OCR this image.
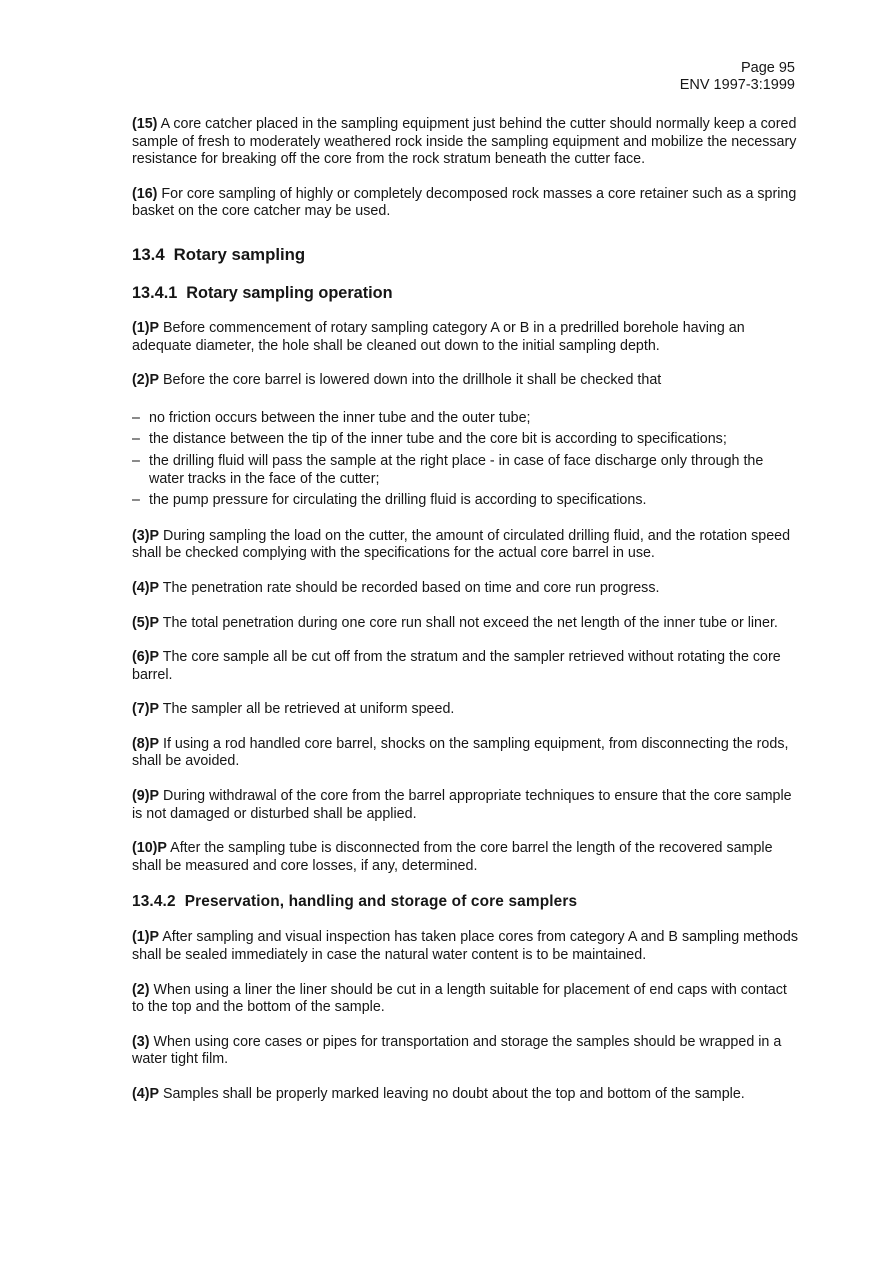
Page 95
ENV 1997-3:1999

(15) A core catcher placed in the sampling equipment just behind the cutter should normally keep a cored sample of fresh to moderately weathered rock inside the sampling equipment and mobilize the necessary resistance for breaking off the core from the rock stratum beneath the cutter face.

(16) For core sampling of highly or completely decomposed rock masses a core retainer such as a spring basket on the core catcher may be used.

13.4 Rotary sampling
13.4.1 Rotary sampling operation

(1)P Before commencement of rotary sampling category A or B in a predrilled borehole having an adequate diameter, the hole shall be cleaned out down to the initial sampling depth.

(2)P Before the core barrel is lowered down into the drillhole it shall be checked that

– no friction occurs between the inner tube and the outer tube;
– the distance between the tip of the inner tube and the core bit is according to specifications;
– the drilling fluid will pass the sample at the right place - in case of face discharge only through the water tracks in the face of the cutter;
– the pump pressure for circulating the drilling fluid is according to specifications.

(3)P During sampling the load on the cutter, the amount of circulated drilling fluid, and the rotation speed shall be checked complying with the specifications for the actual core barrel in use.

(4)P The penetration rate should be recorded based on time and core run progress.

(5)P The total penetration during one core run shall not exceed the net length of the inner tube or liner.

(6)P The core sample all be cut off from the stratum and the sampler retrieved without rotating the core barrel.

(7)P The sampler all be retrieved at uniform speed.

(8)P If using a rod handled core barrel, shocks on the sampling equipment, from disconnecting the rods, shall be avoided.

(9)P During withdrawal of the core from the barrel appropriate techniques to ensure that the core sample is not damaged or disturbed shall be applied.

(10)P After the sampling tube is disconnected from the core barrel the length of the recovered sample shall be measured and core losses, if any, determined.

13.4.2 Preservation, handling and storage of core samplers

(1)P After sampling and visual inspection has taken place cores from category A and B sampling methods shall be sealed immediately in case the natural water content is to be maintained.

(2) When using a liner the liner should be cut in a length suitable for placement of end caps with contact to the top and the bottom of the sample.

(3) When using core cases or pipes for transportation and storage the samples should be wrapped in a water tight film.

(4)P Samples shall be properly marked leaving no doubt about the top and bottom of the sample.
